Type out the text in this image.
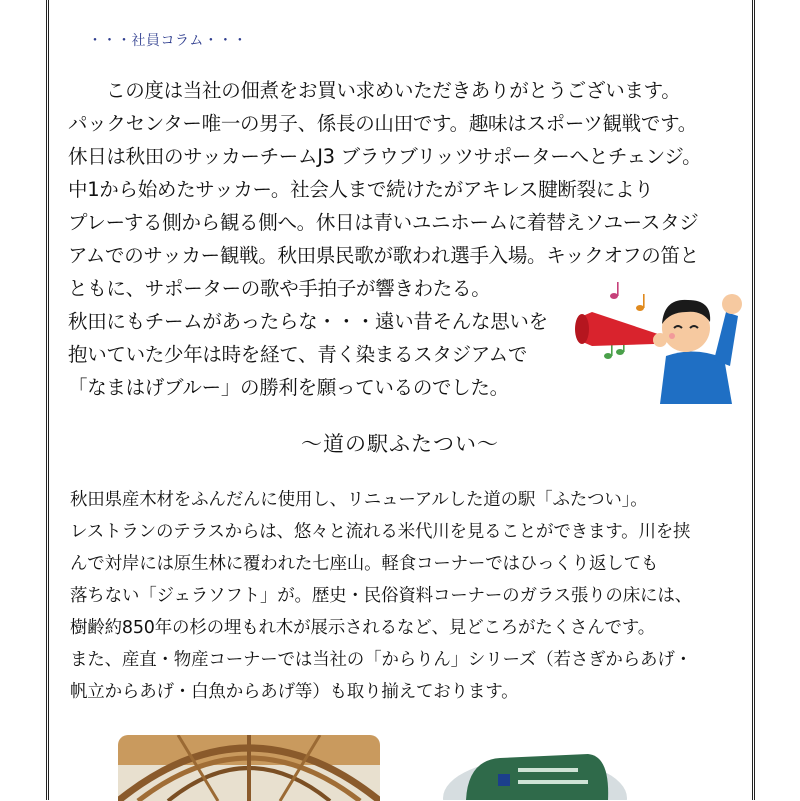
・・・社員コラム・・・

この度は当社の佃煮をお買い求めいただきありがとうございます。

パックセンター唯一の男子、係長の山田です。趣味はスポーツ観戦です。

休日は秋田のサッカーチームJ3 ブラウブリッツサポーターへとチェンジ。

中1から始めたサッカー。社会人まで続けたがアキレス腱断裂により

プレーする側から観る側へ。休日は青いユニホームに着替えソユースタジ

アムでのサッカー観戦。秋田県民歌が歌われ選手入場。キックオフの笛と

ともに、サポーターの歌や手拍子が響きわたる。

秋田にもチームがあったらな・・・遠い昔そんな思いを

抱いていた少年は時を経て、青く染まるスタジアムで

「なまはげブルー」の勝利を願っているのでした。

～道の駅ふたつい～

秋田県産木材をふんだんに使用し、リニューアルした道の駅「ふたつい」。

レストランのテラスからは、悠々と流れる米代川を見ることができます。川を挟

んで対岸には原生林に覆われた七座山。軽食コーナーではひっくり返しても

落ちない「ジェラソフト」が。歴史・民俗資料コーナーのガラス張りの床には、

樹齢約850年の杉の埋もれ木が展示されるなど、見どころがたくさんです。

また、産直・物産コーナーでは当社の「からりん」シリーズ（若さぎからあげ・

帆立からあげ・白魚からあげ等）も取り揃えております。
